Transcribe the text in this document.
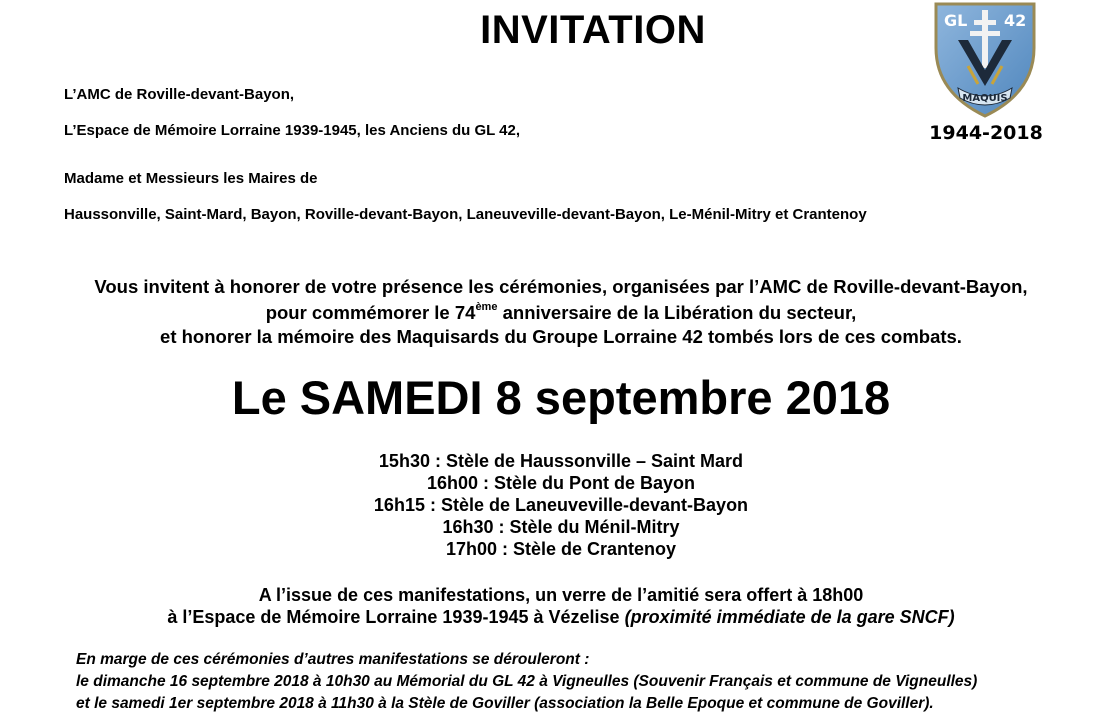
INVITATION	GL 42
MAQUIS
1944-2018
L’AMC de Roville-devant-Bayon,
L’Espace de Mémoire Lorraine 1939-1945, les Anciens du GL 42,
Madame et Messieurs les Maires de
Haussonville, Saint-Mard, Bayon, Roville-devant-Bayon, Laneuveville-devant-Bayon, Le-Ménil-Mitry et Crantenoy
Vous invitent à honorer de votre présence les cérémonies, organisées par l’AMC de Roville-devant-Bayon,
pour commémorer le 74ème anniversaire de la Libération du secteur,
et honorer la mémoire des Maquisards du Groupe Lorraine 42 tombés lors de ces combats.
Le SAMEDI 8 septembre 2018
15h30 : Stèle de Haussonville – Saint Mard
16h00 : Stèle du Pont de Bayon
16h15 : Stèle de Laneuveville-devant-Bayon
16h30 : Stèle du Ménil-Mitry
17h00 : Stèle de Crantenoy
A l’issue de ces manifestations, un verre de l’amitié sera offert à 18h00
à l’Espace de Mémoire Lorraine 1939-1945 à Vézelise (proximité immédiate de la gare SNCF)
En marge de ces cérémonies d’autres manifestations se dérouleront :
le dimanche 16 septembre 2018 à 10h30 au Mémorial du GL 42 à Vigneulles (Souvenir Français et commune de Vigneulles)
et le samedi 1er septembre 2018 à 11h30 à la Stèle de Goviller (association la Belle Epoque et commune de Goviller).
